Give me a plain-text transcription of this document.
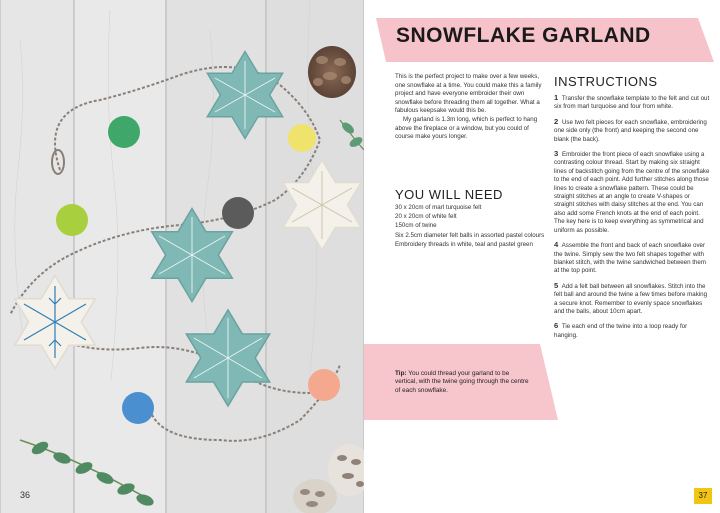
36
SNOWFLAKE GARLAND

This is the perfect project to make over a few weeks, one snowflake at a time. You could make this a family project and have everyone embroider their own snowflake before threading them all together. What a fabulous keepsake would this be.

My garland is 1.3m long, which is perfect to hang above the fireplace or a window, but you could of course make yours longer.

YOU WILL NEED
30 x 20cm of marl turquoise felt
20 x 20cm of white felt
150cm of twine
Six 2.5cm diameter felt balls in assorted pastel colours
Embroidery threads in white, teal and pastel green
INSTRUCTIONS
1 Transfer the snowflake template to the felt and cut out six from marl turquoise and four from white.
2 Use two felt pieces for each snowflake, embroidering one side only (the front) and keeping the second one blank (the back).
3 Embroider the front piece of each snowflake using a contrasting colour thread. Start by making six straight lines of backstitch going from the centre of the snowflake to the end of each point. Add further stitches along those lines to create a snowflake pattern. These could be straight stitches at an angle to create V-shapes or straight stitches with daisy stitches at the end. You can also add some French knots at the end of each point. The key here is to keep everything as symmetrical and uniform as possible.
4 Assemble the front and back of each snowflake over the twine. Simply sew the two felt shapes together with blanket stitch, with the twine sandwiched between them at the top point.
5 Add a felt ball between all snowflakes. Stitch into the felt ball and around the twine a few times before making a secure knot. Remember to evenly space snowflakes and the balls, about 10cm apart.
6 Tie each end of the twine into a loop ready for hanging.
Tip: You could thread your garland to be vertical, with the twine going through the centre of each snowflake.
37
